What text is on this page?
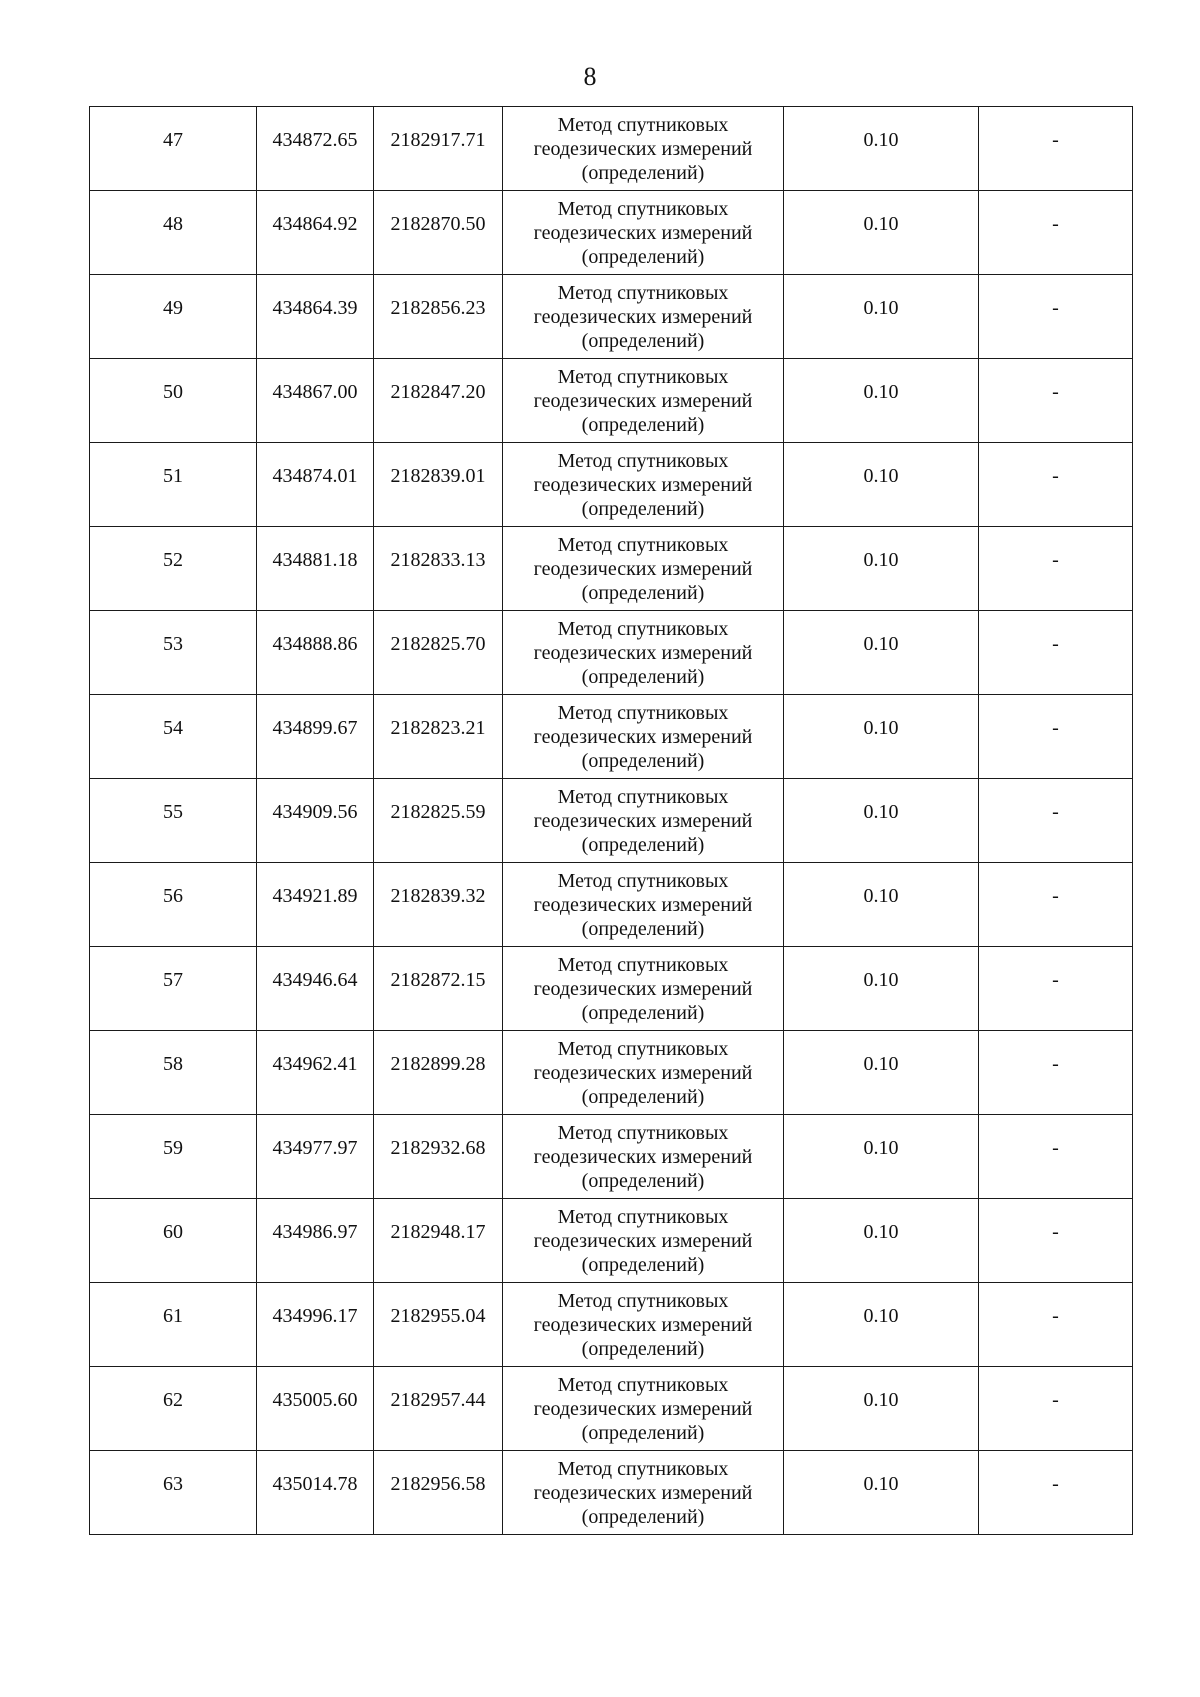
8
47	434872.65	2182917.71	Метод спутниковых
геодезических измерений
(определений)	0.10	-
48	434864.92	2182870.50	Метод спутниковых
геодезических измерений
(определений)	0.10	-
49	434864.39	2182856.23	Метод спутниковых
геодезических измерений
(определений)	0.10	-
50	434867.00	2182847.20	Метод спутниковых
геодезических измерений
(определений)	0.10	-
51	434874.01	2182839.01	Метод спутниковых
геодезических измерений
(определений)	0.10	-
52	434881.18	2182833.13	Метод спутниковых
геодезических измерений
(определений)	0.10	-
53	434888.86	2182825.70	Метод спутниковых
геодезических измерений
(определений)	0.10	-
54	434899.67	2182823.21	Метод спутниковых
геодезических измерений
(определений)	0.10	-
55	434909.56	2182825.59	Метод спутниковых
геодезических измерений
(определений)	0.10	-
56	434921.89	2182839.32	Метод спутниковых
геодезических измерений
(определений)	0.10	-
57	434946.64	2182872.15	Метод спутниковых
геодезических измерений
(определений)	0.10	-
58	434962.41	2182899.28	Метод спутниковых
геодезических измерений
(определений)	0.10	-
59	434977.97	2182932.68	Метод спутниковых
геодезических измерений
(определений)	0.10	-
60	434986.97	2182948.17	Метод спутниковых
геодезических измерений
(определений)	0.10	-
61	434996.17	2182955.04	Метод спутниковых
геодезических измерений
(определений)	0.10	-
62	435005.60	2182957.44	Метод спутниковых
геодезических измерений
(определений)	0.10	-
63	435014.78	2182956.58	Метод спутниковых
геодезических измерений
(определений)	0.10	-
